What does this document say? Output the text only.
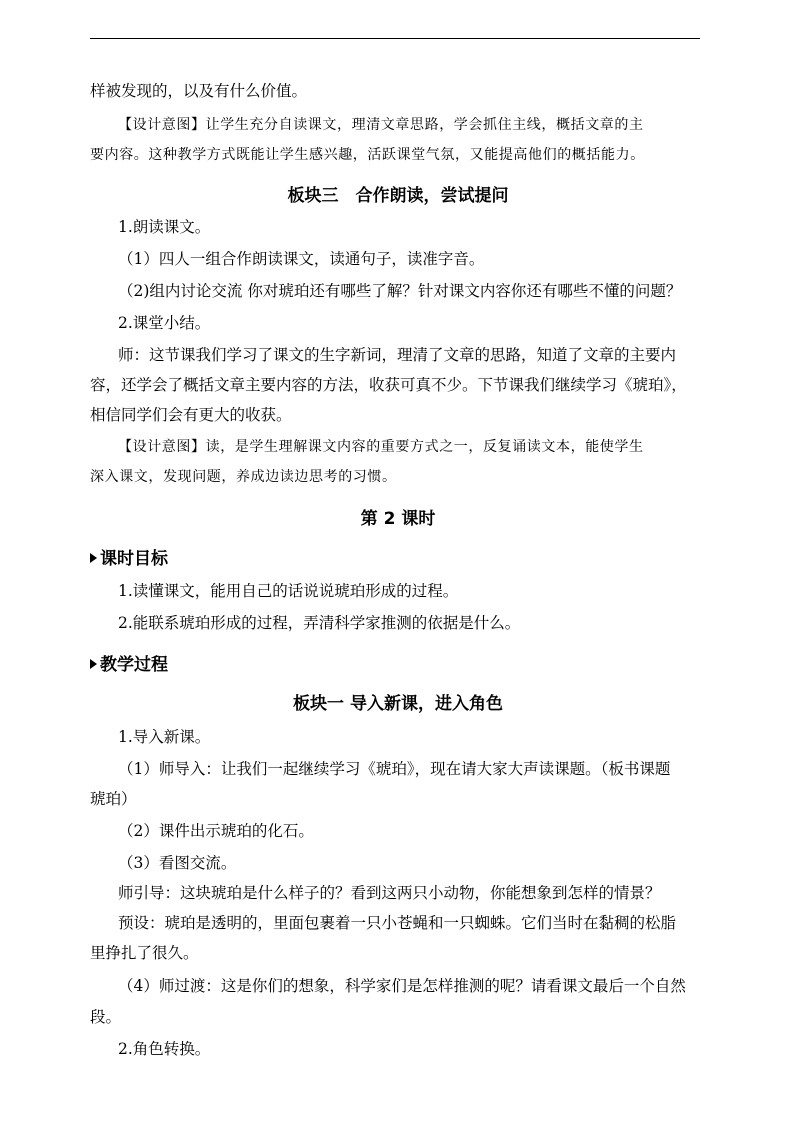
样被发现的，以及有什么价值。
【设计意图】让学生充分自读课文，理清文章思路，学会抓住主线，概括文章的主
要内容。这种教学方式既能让学生感兴趣，活跃课堂气氛，又能提高他们的概括能力。
板块三　合作朗读，尝试提问
1.朗读课文。
（1）四人一组合作朗读课文，读通句子，读准字音。
（2)组内讨论交流 你对琥珀还有哪些了解？针对课文内容你还有哪些不懂的问题？
2.课堂小结。
师：这节课我们学习了课文的生字新词，理清了文章的思路，知道了文章的主要内
容，还学会了概括文章主要内容的方法，收获可真不少。下节课我们继续学习《琥珀》，
相信同学们会有更大的收获。
【设计意图】读，是学生理解课文内容的重要方式之一，反复诵读文本，能使学生
深入课文，发现问题，养成边读边思考的习惯。
第 2 课时
课时目标
1.读懂课文，能用自己的话说说琥珀形成的过程。
2.能联系琥珀形成的过程，弄清科学家推测的依据是什么。
教学过程
板块一 导入新课，进入角色
1.导入新课。
（1）师导入：让我们一起继续学习《琥珀》，现在请大家大声读课题。（板书课题
琥珀）
（2）课件出示琥珀的化石。
（3）看图交流。
师引导：这块琥珀是什么样子的？看到这两只小动物，你能想象到怎样的情景？
预设：琥珀是透明的，里面包裹着一只小苍蝇和一只蜘蛛。它们当时在黏稠的松脂
里挣扎了很久。
（4）师过渡：这是你们的想象，科学家们是怎样推测的呢？请看课文最后一个自然
段。
2.角色转换。
